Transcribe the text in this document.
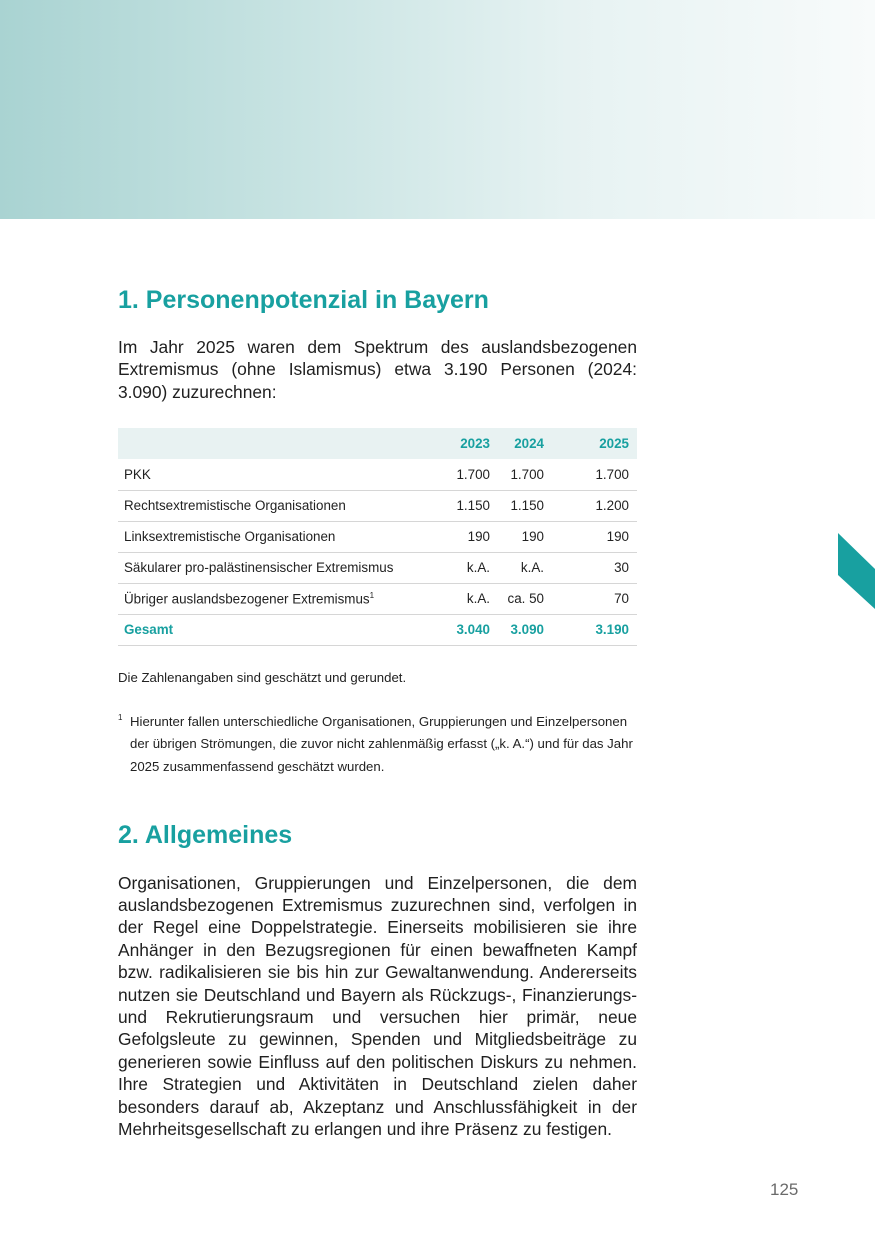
1. Personenpotenzial in Bayern

Im Jahr 2025 waren dem Spektrum des auslandsbezogenen Extremismus (ohne Islamismus) etwa 3.190 Personen (2024: 3.090) zuzurechnen:

	2023	2024	2025
PKK	1.700	1.700	1.700
Rechtsextremistische Organisationen	1.150	1.150	1.200
Linksextremistische Organisationen	190	190	190
Säkularer pro-palästinensischer Extremismus	k.A.	k.A.	30
Übriger auslandsbezogener Extremismus$^1$	k.A.	ca. 50	70
Gesamt	3.040	3.090	3.190

Die Zahlenangaben sind geschätzt und gerundet.

1 Hierunter fallen unterschiedliche Organisationen, Gruppierungen und Einzelpersonen der übrigen Strömungen, die zuvor nicht zahlenmäßig erfasst („k. A.“) und für das Jahr 2025 zusammenfassend geschätzt wurden.
2. Allgemeines

Organisationen, Gruppierungen und Einzelpersonen, die dem auslandsbezogenen Extremismus zuzurechnen sind, verfolgen in der Regel eine Doppelstrategie. Einerseits mobilisieren sie ihre Anhänger in den Bezugsregionen für einen bewaffneten Kampf bzw. radikalisieren sie bis hin zur Gewaltanwendung. Andererseits nutzen sie Deutschland und Bayern als Rückzugs-, Finanzierungs- und Rekrutierungsraum und versuchen hier primär, neue Gefolgsleute zu gewinnen, Spenden und Mitgliedsbeiträge zu generieren sowie Einfluss auf den politischen Diskurs zu nehmen. Ihre Strategien und Aktivitäten in Deutschland zielen daher besonders darauf ab, Akzeptanz und Anschlussfähigkeit in der Mehrheitsgesellschaft zu erlangen und ihre Präsenz zu festigen.

125
